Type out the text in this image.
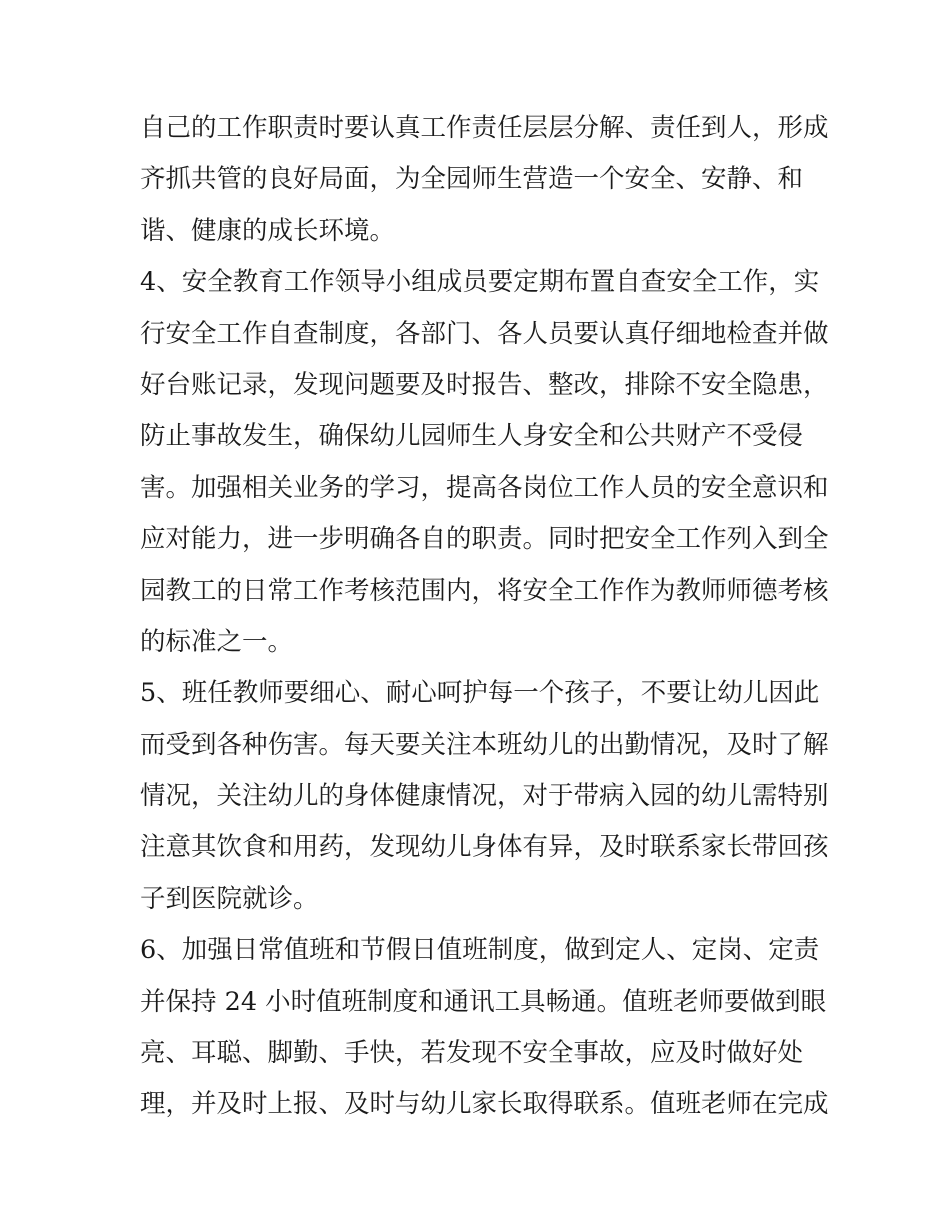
自己的工作职责时要认真工作责任层层分解、责任到人，形成
齐抓共管的良好局面，为全园师生营造一个安全、安静、和
谐、健康的成长环境。
4、安全教育工作领导小组成员要定期布置自查安全工作，实
行安全工作自查制度，各部门、各人员要认真仔细地检查并做
好台账记录，发现问题要及时报告、整改，排除不安全隐患，
防止事故发生，确保幼儿园师生人身安全和公共财产不受侵
害。加强相关业务的学习，提高各岗位工作人员的安全意识和
应对能力，进一步明确各自的职责。同时把安全工作列入到全
园教工的日常工作考核范围内，将安全工作作为教师师德考核
的标准之一。
5、班任教师要细心、耐心呵护每一个孩子，不要让幼儿因此
而受到各种伤害。每天要关注本班幼儿的出勤情况，及时了解
情况，关注幼儿的身体健康情况，对于带病入园的幼儿需特别
注意其饮食和用药，发现幼儿身体有异，及时联系家长带回孩
子到医院就诊。
6、加强日常值班和节假日值班制度，做到定人、定岗、定责
并保持 24 小时值班制度和通讯工具畅通。值班老师要做到眼
亮、耳聪、脚勤、手快，若发现不安全事故，应及时做好处
理，并及时上报、及时与幼儿家长取得联系。值班老师在完成
